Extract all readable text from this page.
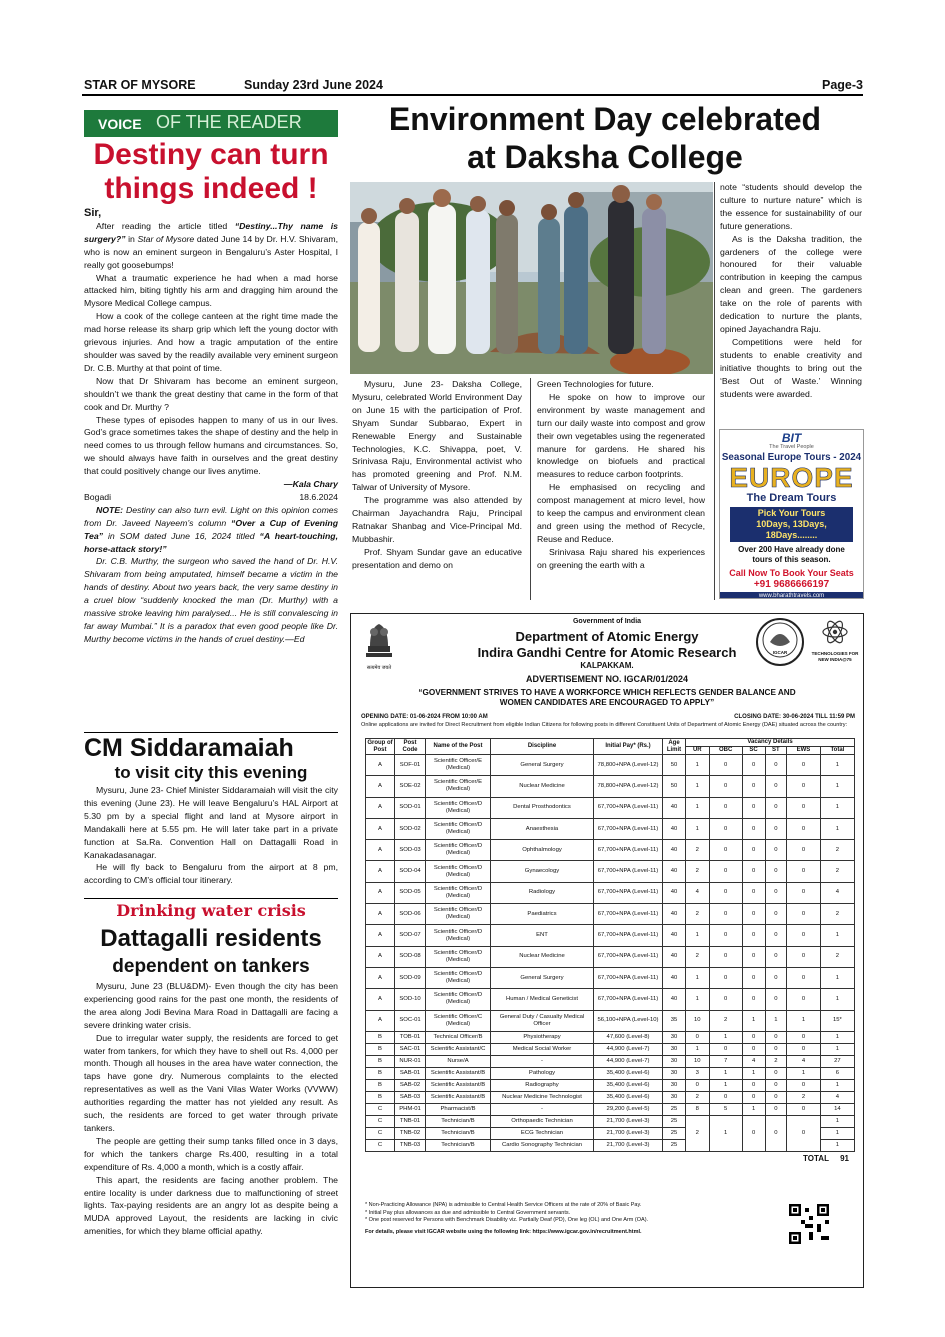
STAR OF MYSORE	Sunday 23rd June 2024	Page-3
VOICE OF THE READER
Destiny can turn
things indeed !
Sir,

After reading the article titled “Destiny...Thy name is surgery?” in Star of Mysore dated June 14 by Dr. H.V. Shivaram, who is now an eminent surgeon in Bengaluru’s Aster Hospital, I really got goosebumps!

What a traumatic experience he had when a mad horse attacked him, biting tightly his arm and dragging him around the Mysore Medical College campus.

How a cook of the college canteen at the right time made the mad horse release its sharp grip which left the young doctor with grievous injuries. And how a tragic amputation of the entire shoulder was saved by the readily available very eminent surgeon Dr. C.B. Murthy at that point of time.

Now that Dr Shivaram has become an eminent surgeon, shouldn’t we thank the great destiny that came in the form of that cook and Dr. Murthy ?

These types of episodes happen to many of us in our lives. God’s grace sometimes takes the shape of destiny and the help in need comes to us through fellow humans and circumstances. So, we should always have faith in ourselves and the great destiny that could positively change our lives anytime.

—Kala Chary
Bogadi	18.6.2024

NOTE: Destiny can also turn evil. Light on this opinion comes from Dr. Javeed Nayeem’s column “Over a Cup of Evening Tea” in SOM dated June 16, 2024 titled “A heart-touching, horse-attack story!”

Dr. C.B. Murthy, the surgeon who saved the hand of Dr. H.V. Shivaram from being amputated, himself became a victim in the hands of destiny. About two years back, the very same destiny in a cruel blow “suddenly knocked the man (Dr. Murthy) with a massive stroke leaving him paralysed... He is still convalescing in far away Mumbai.” It is a paradox that even good people like Dr. Murthy become victims in the hands of cruel destiny.—Ed

CM Siddaramaiah
to visit city this evening

Mysuru, June 23- Chief Minister Siddaramaiah will visit the city this evening (June 23). He will leave Bengaluru’s HAL Airport at 5.30 pm by a special flight and land at Mysore airport in Mandakalli here at 5.55 pm. He will later take part in a private function at Sa.Ra. Convention Hall on Dattagalli Road in Kanakadasanagar.

He will fly back to Bengaluru from the airport at 8 pm, according to CM’s official tour itinerary.

Drinking water crisis
Dattagalli residents
dependent on tankers

Mysuru, June 23 (BLU&DM)- Even though the city has been experiencing good rains for the past one month, the residents of the area along Jodi Bevina Mara Road in Dattagalli are facing a severe drinking water crisis.

Due to irregular water supply, the residents are forced to get water from tankers, for which they have to shell out Rs. 4,000 per month. Though all houses in the area have water connection, the taps have gone dry. Numerous complaints to the elected representatives as well as the Vani Vilas Water Works (VVWW) authorities regarding the matter has not yielded any result. As such, the residents are forced to get water through private tankers.

The people are getting their sump tanks filled once in 3 days, for which the tankers charge Rs.400, resulting in a total expenditure of Rs. 4,000 a month, which is a costly affair.

This apart, the residents are facing another problem. The entire locality is under darkness due to malfunctioning of street lights. Tax-paying residents are an angry lot as despite being a MUDA approved Layout, the residents are lacking in civic amenities, for which they blame official apathy.

Environment Day celebrated
at Daksha College

Mysuru, June 23- Daksha College, Mysuru, celebrated World Environment Day on June 15 with the participation of Prof. Shyam Sundar Subbarao, Expert in Renewable Energy and Sustainable Technologies, K.C. Shivappa, poet, V. Srinivasa Raju, Environmental activist who has promoted greening and Prof. N.M. Talwar of University of Mysore.

The programme was also attended by Chairman Jayachandra Raju, Principal Ratnakar Shanbag and Vice-Principal Md. Mubbashir.

Prof. Shyam Sundar gave an educative presentation and demo on

Green Technologies for future.

He spoke on how to improve our environment by waste management and turn our daily waste into compost and grow their own vegetables using the regenerated manure for gardens. He shared his knowledge on biofuels and practical measures to reduce carbon footprints.

He emphasised on recycling and compost management at micro level, how to keep the campus and environment clean and green using the method of Recycle, Reuse and Reduce.

Srinivasa Raju shared his experiences on greening the earth with a

note “students should develop the culture to nurture nature” which is the essence for sustainability of our future generations.

As is the Daksha tradition, the gardeners of the college were honoured for their valuable contribution in keeping the campus clean and green. The gardeners take on the role of parents with dedication to nurture the plants, opined Jayachandra Raju.

Competitions were held for students to enable creativity and initiative thoughts to bring out the ‘Best Out of Waste.’ Winning students were awarded.

BIT
The Travel People
Seasonal Europe Tours - 2024
EUROPE
The Dream Tours
Pick Your Tours
10Days, 13Days, 18Days........
Over 200 Have already done
tours of this season.
Call Now To Book Your Seats
+91 9686666197
www.bharathtravels.com
सत्यमेव जयते
IGCAR	TECHNOLOGIES FOR NEW INDIA@75
Government of India
Department of Atomic Energy
Indira Gandhi Centre for Atomic Research
KALPAKKAM.
ADVERTISEMENT NO. IGCAR/01/2024
“GOVERNMENT STRIVES TO HAVE A WORKFORCE WHICH REFLECTS GENDER BALANCE AND
WOMEN CANDIDATES ARE ENCOURAGED TO APPLY”
OPENING DATE: 01-06-2024 FROM 10:00 AM	CLOSING DATE: 30-06-2024 TILL 11:59 PM
Online applications are invited for Direct Recruitment from eligible Indian Citizens for following posts in different Constituent Units of Department of Atomic Energy (DAE) situated across the country:
Group of Post	Post Code	Name of the Post	Discipline	Initial Pay* (Rs.)	Age Limit	Vacancy Details					
						UR	OBC	SC	ST	EWS	Total
A	SOF-01	Scientific Officer/E (Medical)	General Surgery	78,800+NPA (Level-12)	50	1	0	0	0	0	1
A	SOE-02	Scientific Officer/E (Medical)	Nuclear Medicine	78,800+NPA (Level-12)	50	1	0	0	0	0	1
A	SOD-01	Scientific Officer/D (Medical)	Dental Prosthodontics	67,700+NPA (Level-11)	40	1	0	0	0	0	1
A	SOD-02	Scientific Officer/D (Medical)	Anaesthesia	67,700+NPA (Level-11)	40	1	0	0	0	0	1
A	SOD-03	Scientific Officer/D (Medical)	Ophthalmology	67,700+NPA (Level-11)	40	2	0	0	0	0	2
A	SOD-04	Scientific Officer/D (Medical)	Gynaecology	67,700+NPA (Level-11)	40	2	0	0	0	0	2
A	SOD-05	Scientific Officer/D (Medical)	Radiology	67,700+NPA (Level-11)	40	4	0	0	0	0	4
A	SOD-06	Scientific Officer/D (Medical)	Paediatrics	67,700+NPA (Level-11)	40	2	0	0	0	0	2
A	SOD-07	Scientific Officer/D (Medical)	ENT	67,700+NPA (Level-11)	40	1	0	0	0	0	1
A	SOD-08	Scientific Officer/D (Medical)	Nuclear Medicine	67,700+NPA (Level-11)	40	2	0	0	0	0	2
A	SOD-09	Scientific Officer/D (Medical)	General Surgery	67,700+NPA (Level-11)	40	1	0	0	0	0	1
A	SOD-10	Scientific Officer/D (Medical)	Human / Medical Geneticist	67,700+NPA (Level-11)	40	1	0	0	0	0	1
A	SOC-01	Scientific Officer/C (Medical)	General Duty / Casualty Medical Officer	56,100+NPA (Level-10)	35	10	2	1	1	1	15*
B	TOB-01	Technical Officer/B	Physiotherapy	47,600 (Level-8)	30	0	1	0	0	0	1
B	SAC-01	Scientific Assistant/C	Medical Social Worker	44,900 (Level-7)	30	1	0	0	0	0	1
B	NUR-01	Nurse/A	-	44,900 (Level-7)	30	10	7	4	2	4	27
B	SAB-01	Scientific Assistant/B	Pathology	35,400 (Level-6)	30	3	1	1	0	1	6
B	SAB-02	Scientific Assistant/B	Radiography	35,400 (Level-6)	30	0	1	0	0	0	1
B	SAB-03	Scientific Assistant/B	Nuclear Medicine Technologist	35,400 (Level-6)	30	2	0	0	0	2	4
C	PHM-01	Pharmacist/B	-	29,200 (Level-5)	25	8	5	1	0	0	14
C	TNB-01	Technician/B	Orthopaedic Technician	21,700 (Level-3)	25	2	1	0	0	0	1
C	TNB-02	Technician/B	ECG Technician	21,700 (Level-3)	25						1
C	TNB-03	Technician/B	Cardio Sonography Technician	21,700 (Level-3)	25						1
TOTAL 91
* Non-Practicing Allowance (NPA) is admissible to Central Health Service Officers at the rate of 20% of Basic Pay.
* Initial Pay plus allowances as due and admissible to Central Government servants.
* One post reserved for Persons with Benchmark Disability viz. Partially Deaf (PD), One leg (OL) and One Arm (OA).
For details, please visit IGCAR website using the following link: https://www.igcar.gov.in/recruitment.html.
